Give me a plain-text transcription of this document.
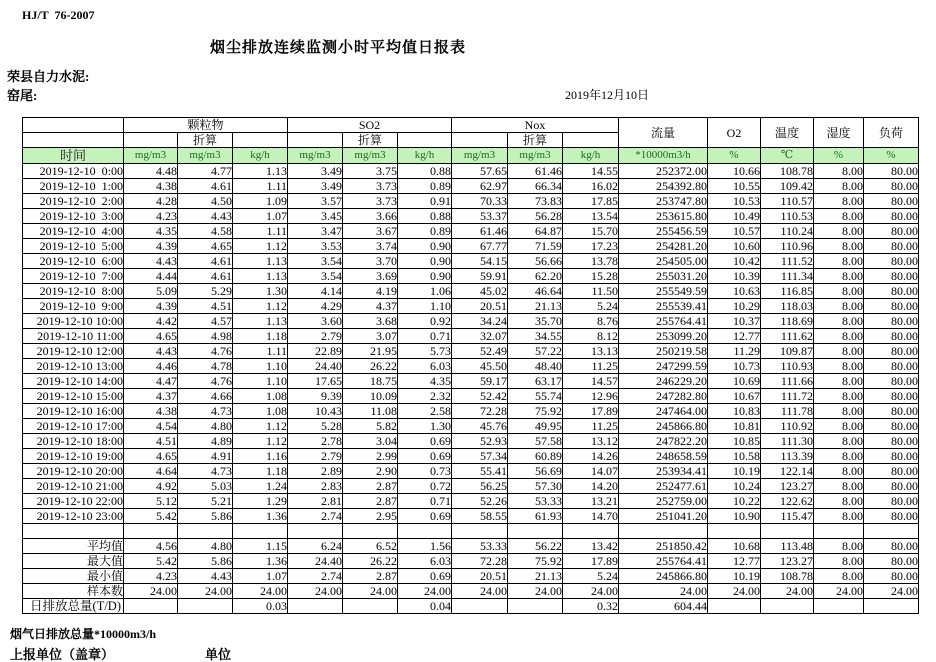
HJ/T  76-2007
烟尘排放连续监测小时平均值日报表
荣县自力水泥:
窑尾:	2019年12月10日
	颗粒物			SO2			Nox			流量	O2	温度	湿度	负荷
		折算			折算			折算						
时间	mg/m3	mg/m3	kg/h	mg/m3	mg/m3	kg/h	mg/m3	mg/m3	kg/h	*10000m3/h	%	℃	%	%
2019-12-10  0:00	4.48	4.77	1.13	3.49	3.75	0.88	57.65	61.46	14.55	252372.00	10.66	108.78	8.00	80.00
2019-12-10  1:00	4.38	4.61	1.11	3.49	3.73	0.89	62.97	66.34	16.02	254392.80	10.55	109.42	8.00	80.00
2019-12-10  2:00	4.28	4.50	1.09	3.57	3.73	0.91	70.33	73.83	17.85	253747.80	10.53	110.57	8.00	80.00
2019-12-10  3:00	4.23	4.43	1.07	3.45	3.66	0.88	53.37	56.28	13.54	253615.80	10.49	110.53	8.00	80.00
2019-12-10  4:00	4.35	4.58	1.11	3.47	3.67	0.89	61.46	64.87	15.70	255456.59	10.57	110.24	8.00	80.00
2019-12-10  5:00	4.39	4.65	1.12	3.53	3.74	0.90	67.77	71.59	17.23	254281.20	10.60	110.96	8.00	80.00
2019-12-10  6:00	4.43	4.61	1.13	3.54	3.70	0.90	54.15	56.66	13.78	254505.00	10.42	111.52	8.00	80.00
2019-12-10  7:00	4.44	4.61	1.13	3.54	3.69	0.90	59.91	62.20	15.28	255031.20	10.39	111.34	8.00	80.00
2019-12-10  8:00	5.09	5.29	1.30	4.14	4.19	1.06	45.02	46.64	11.50	255549.59	10.63	116.85	8.00	80.00
2019-12-10  9:00	4.39	4.51	1.12	4.29	4.37	1.10	20.51	21.13	5.24	255539.41	10.29	118.03	8.00	80.00
2019-12-10 10:00	4.42	4.57	1.13	3.60	3.68	0.92	34.24	35.70	8.76	255764.41	10.37	118.69	8.00	80.00
2019-12-10 11:00	4.65	4.98	1.18	2.79	3.07	0.71	32.07	34.55	8.12	253099.20	12.77	111.62	8.00	80.00
2019-12-10 12:00	4.43	4.76	1.11	22.89	21.95	5.73	52.49	57.22	13.13	250219.58	11.29	109.87	8.00	80.00
2019-12-10 13:00	4.46	4.78	1.10	24.40	26.22	6.03	45.50	48.40	11.25	247299.59	10.73	110.93	8.00	80.00
2019-12-10 14:00	4.47	4.76	1.10	17.65	18.75	4.35	59.17	63.17	14.57	246229.20	10.69	111.66	8.00	80.00
2019-12-10 15:00	4.37	4.66	1.08	9.39	10.09	2.32	52.42	55.74	12.96	247282.80	10.67	111.72	8.00	80.00
2019-12-10 16:00	4.38	4.73	1.08	10.43	11.08	2.58	72.28	75.92	17.89	247464.00	10.83	111.78	8.00	80.00
2019-12-10 17:00	4.54	4.80	1.12	5.28	5.82	1.30	45.76	49.95	11.25	245866.80	10.81	110.92	8.00	80.00
2019-12-10 18:00	4.51	4.89	1.12	2.78	3.04	0.69	52.93	57.58	13.12	247822.20	10.85	111.30	8.00	80.00
2019-12-10 19:00	4.65	4.91	1.16	2.79	2.99	0.69	57.34	60.89	14.26	248658.59	10.58	113.39	8.00	80.00
2019-12-10 20:00	4.64	4.73	1.18	2.89	2.90	0.73	55.41	56.69	14.07	253934.41	10.19	122.14	8.00	80.00
2019-12-10 21:00	4.92	5.03	1.24	2.83	2.87	0.72	56.25	57.30	14.20	252477.61	10.24	123.27	8.00	80.00
2019-12-10 22:00	5.12	5.21	1.29	2.81	2.87	0.71	52.26	53.33	13.21	252759.00	10.22	122.62	8.00	80.00
2019-12-10 23:00	5.42	5.86	1.36	2.74	2.95	0.69	58.55	61.93	14.70	251041.20	10.90	115.47	8.00	80.00

平均值	4.56	4.80	1.15	6.24	6.52	1.56	53.33	56.22	13.42	251850.42	10.68	113.48	8.00	80.00
最大值	5.42	5.86	1.36	24.40	26.22	6.03	72.28	75.92	17.89	255764.41	12.77	123.27	8.00	80.00
最小值	4.23	4.43	1.07	2.74	2.87	0.69	20.51	21.13	5.24	245866.80	10.19	108.78	8.00	80.00
样本数	24.00	24.00	24.00	24.00	24.00	24.00	24.00	24.00	24.00	24.00	24.00	24.00	24.00	24.00

日排放总量(T/D)			0.03			0.04			0.32	604.44				
烟气日排放总量*10000m3/h
上报单位（盖章）	单位
